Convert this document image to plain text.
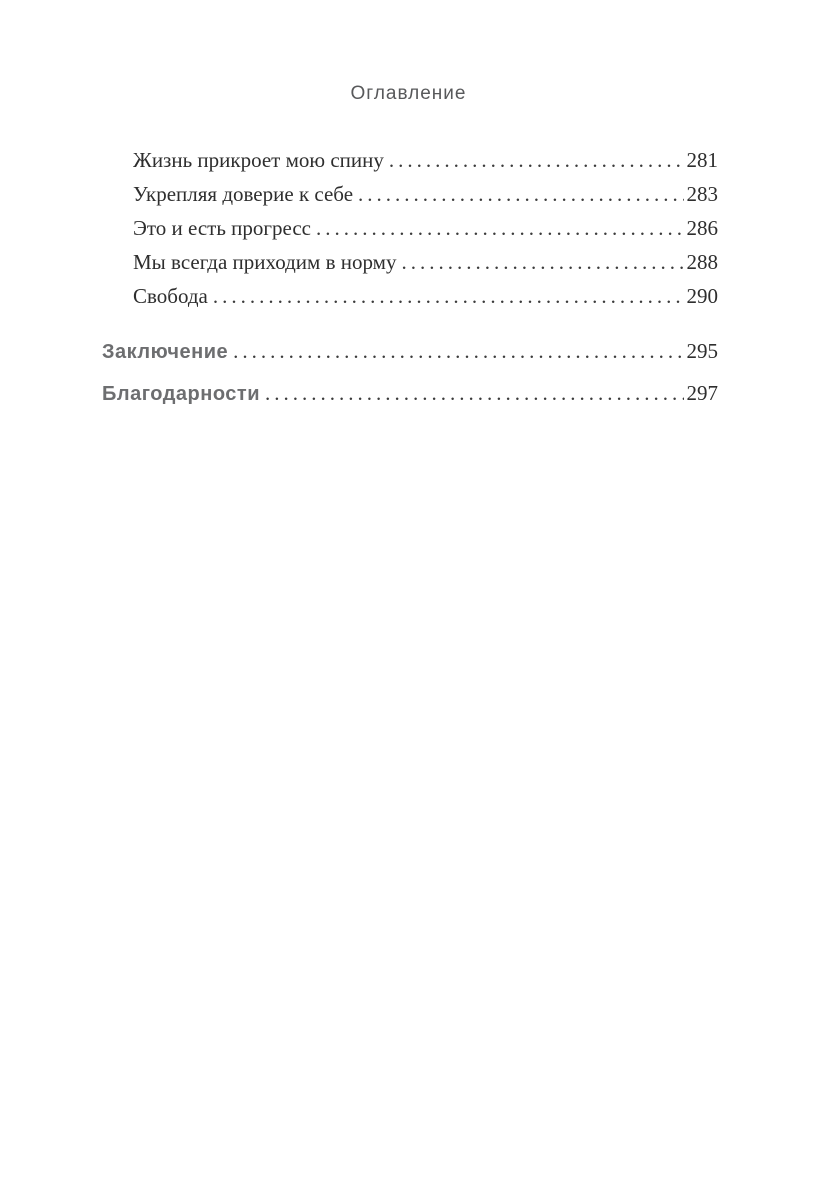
Оглавление
Жизнь прикроет мою спину .....	281
Укрепляя доверие к себе .....	283
Это и есть прогресс .....	286
Мы всегда приходим в норму .....	288
Свобода .....	290
Заключение .....	295
Благодарности .....	297
